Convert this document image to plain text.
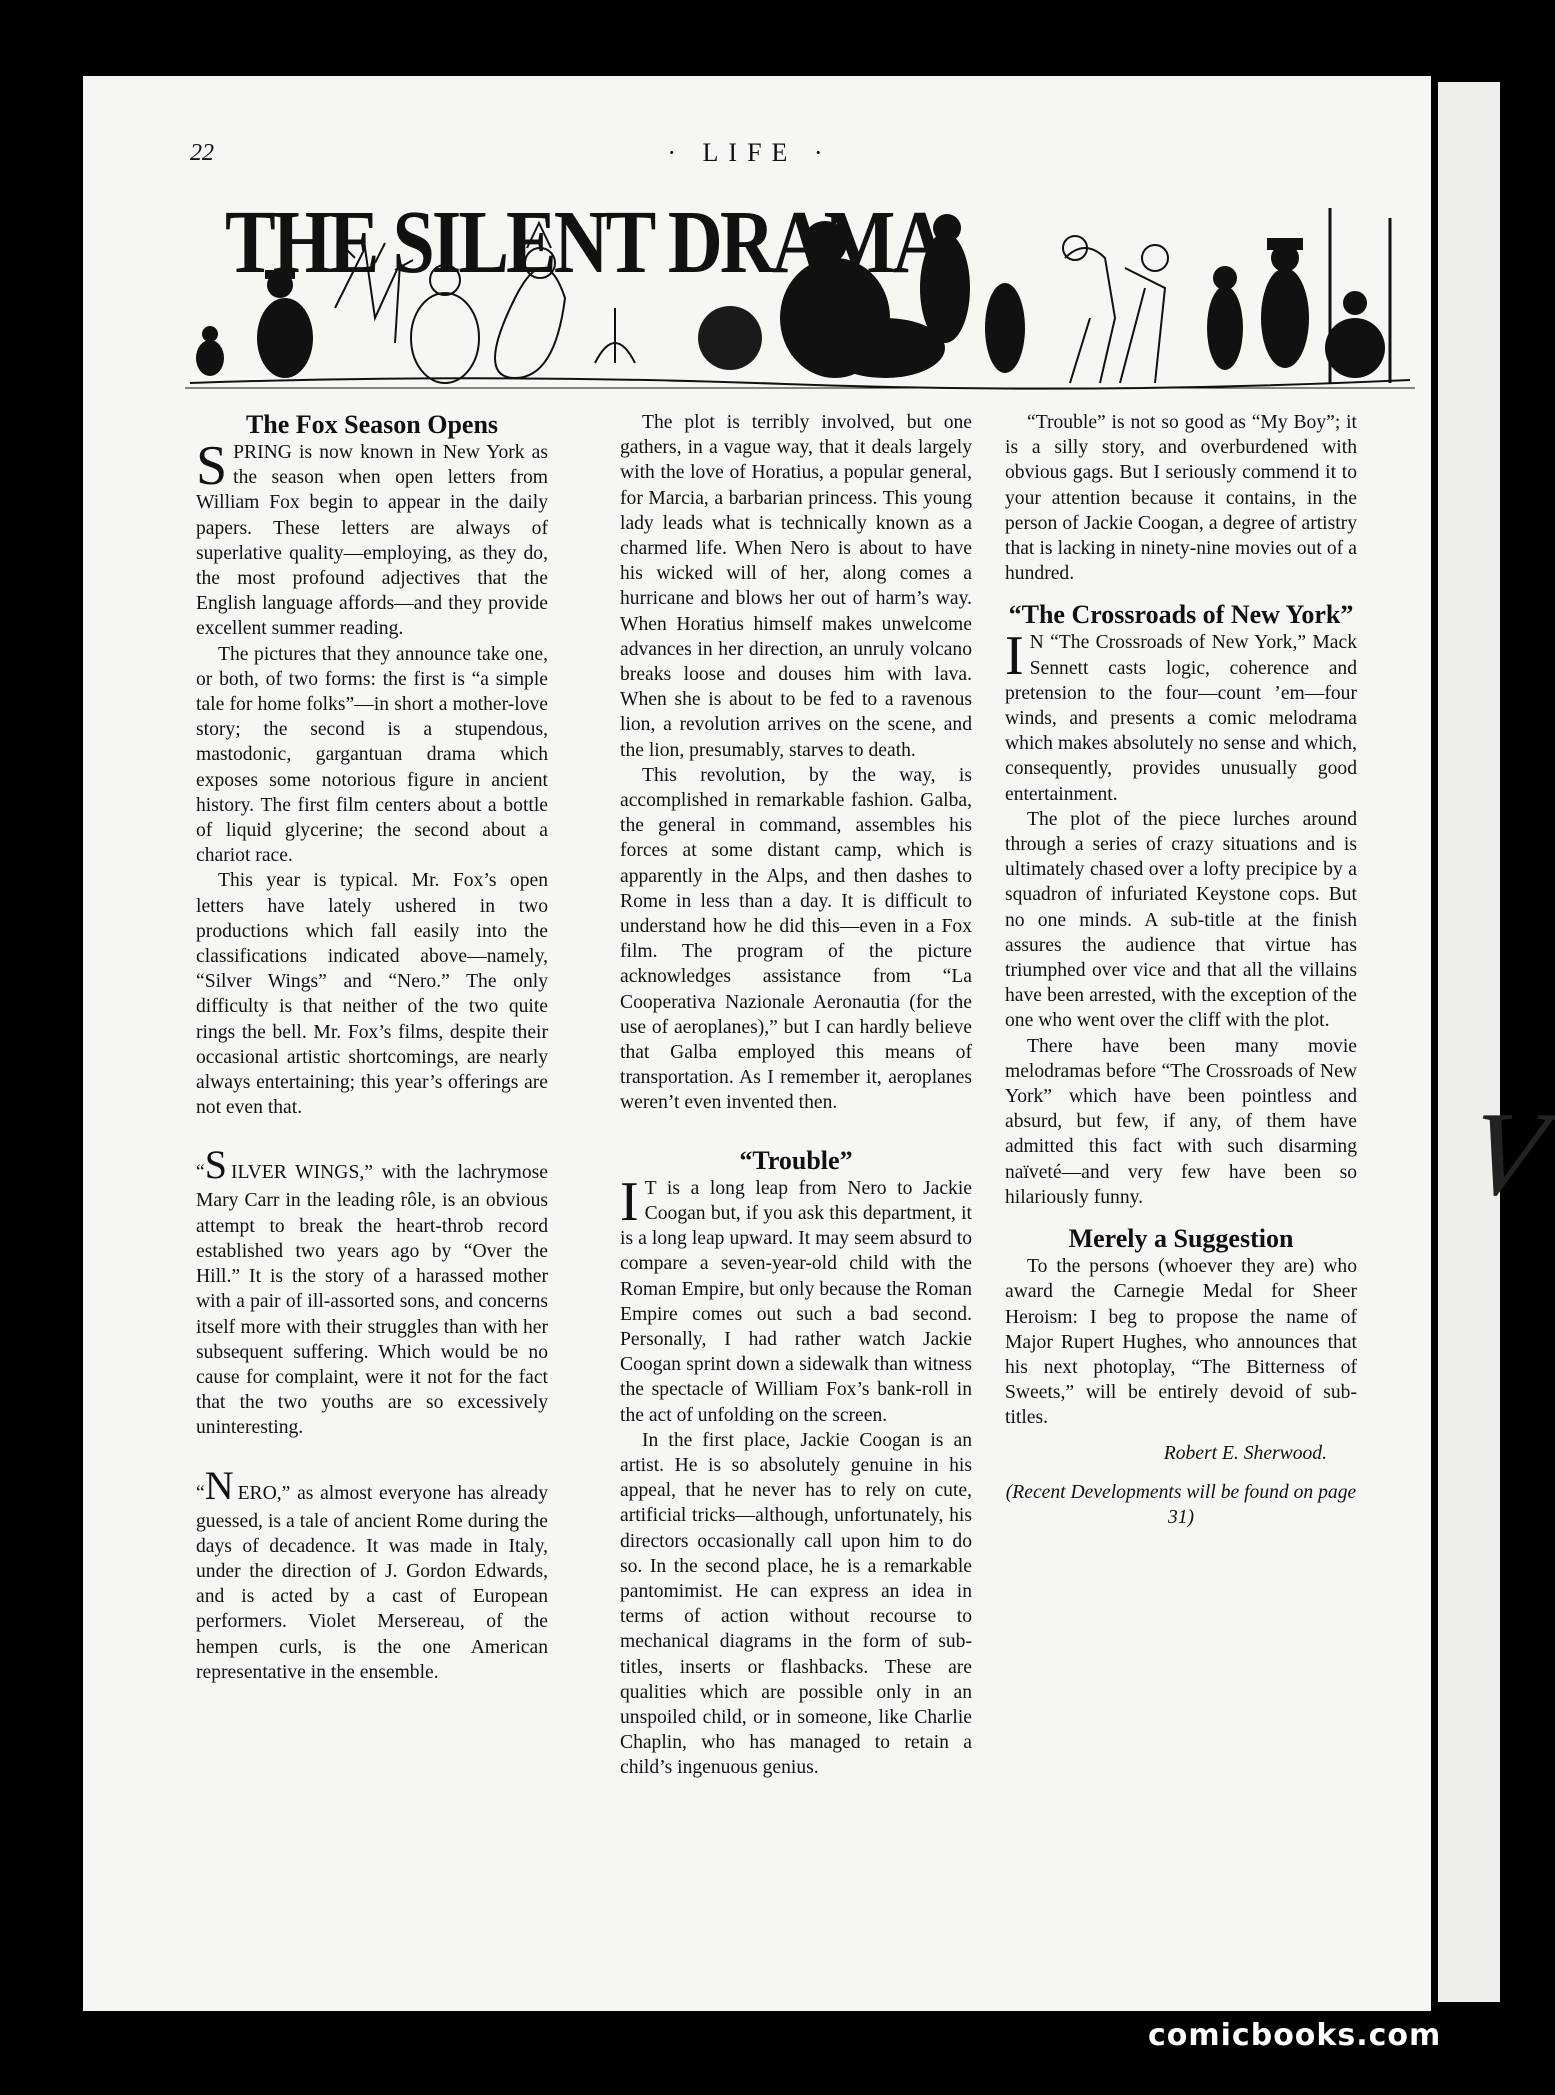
V
22	· LIFE ·
THE SILENT DRAMA
The Fox Season Opens

SPRING is now known in New York as the season when open letters from William Fox begin to appear in the daily papers. These letters are always of superlative quality—employing, as they do, the most profound adjectives that the English language affords—and they provide excellent summer reading.

The pictures that they announce take one, or both, of two forms: the first is “a simple tale for home folks”—in short a mother-love story; the second is a stupendous, mastodonic, gargantuan drama which exposes some notorious figure in ancient history. The first film centers about a bottle of liquid glycerine; the second about a chariot race.

This year is typical. Mr. Fox’s open letters have lately ushered in two productions which fall easily into the classifications indicated above—namely, “Silver Wings” and “Nero.” The only difficulty is that neither of the two quite rings the bell. Mr. Fox’s films, despite their occasional artistic shortcomings, are nearly always entertaining; this year’s offerings are not even that.

“S ILVER WINGS,” with the lachrymose Mary Carr in the leading rôle, is an obvious attempt to break the heart-throb record established two years ago by “Over the Hill.” It is the story of a harassed mother with a pair of ill-assorted sons, and concerns itself more with their struggles than with her subsequent suffering. Which would be no cause for complaint, were it not for the fact that the two youths are so excessively uninteresting.

“N ERO,” as almost everyone has already guessed, is a tale of ancient Rome during the days of decadence. It was made in Italy, under the direction of J. Gordon Edwards, and is acted by a cast of European performers. Violet Mersereau, of the hempen curls, is the one American representative in the ensemble.

The plot is terribly involved, but one gathers, in a vague way, that it deals largely with the love of Horatius, a popular general, for Marcia, a barbarian princess. This young lady leads what is technically known as a charmed life. When Nero is about to have his wicked will of her, along comes a hurricane and blows her out of harm’s way. When Horatius himself makes unwelcome advances in her direction, an unruly volcano breaks loose and douses him with lava. When she is about to be fed to a ravenous lion, a revolution arrives on the scene, and the lion, presumably, starves to death.

This revolution, by the way, is accomplished in remarkable fashion. Galba, the general in command, assembles his forces at some distant camp, which is apparently in the Alps, and then dashes to Rome in less than a day. It is difficult to understand how he did this—even in a Fox film. The program of the picture acknowledges assistance from “La Cooperativa Nazionale Aeronautia (for the use of aeroplanes),” but I can hardly believe that Galba employed this means of transportation. As I remember it, aeroplanes weren’t even invented then.

“Trouble”

I T is a long leap from Nero to Jackie Coogan but, if you ask this department, it is a long leap upward. It may seem absurd to compare a seven-year-old child with the Roman Empire, but only because the Roman Empire comes out such a bad second. Personally, I had rather watch Jackie Coogan sprint down a sidewalk than witness the spectacle of William Fox’s bank-roll in the act of unfolding on the screen.

In the first place, Jackie Coogan is an artist. He is so absolutely genuine in his appeal, that he never has to rely on cute, artificial tricks—although, unfortunately, his directors occasionally call upon him to do so. In the second place, he is a remarkable pantomimist. He can express an idea in terms of action without recourse to mechanical diagrams in the form of sub-titles, inserts or flashbacks. These are qualities which are possible only in an unspoiled child, or in someone, like Charlie Chaplin, who has managed to retain a child’s ingenuous genius.

“Trouble” is not so good as “My Boy”; it is a silly story, and overburdened with obvious gags. But I seriously commend it to your attention because it contains, in the person of Jackie Coogan, a degree of artistry that is lacking in ninety-nine movies out of a hundred.

“The Crossroads of New York”

I N “The Crossroads of New York,” Mack Sennett casts logic, coherence and pretension to the four—count ’em—four winds, and presents a comic melodrama which makes absolutely no sense and which, consequently, provides unusually good entertainment.

The plot of the piece lurches around through a series of crazy situations and is ultimately chased over a lofty precipice by a squadron of infuriated Keystone cops. But no one minds. A sub-title at the finish assures the audience that virtue has triumphed over vice and that all the villains have been arrested, with the exception of the one who went over the cliff with the plot.

There have been many movie melodramas before “The Crossroads of New York” which have been pointless and absurd, but few, if any, of them have admitted this fact with such disarming naïveté—and very few have been so hilariously funny.

Merely a Suggestion

To the persons (whoever they are) who award the Carnegie Medal for Sheer Heroism: I beg to propose the name of Major Rupert Hughes, who announces that his next photoplay, “The Bitterness of Sweets,” will be entirely devoid of sub-titles.

Robert E. Sherwood.
(Recent Developments will be found on page 31)
comicbooks.com
